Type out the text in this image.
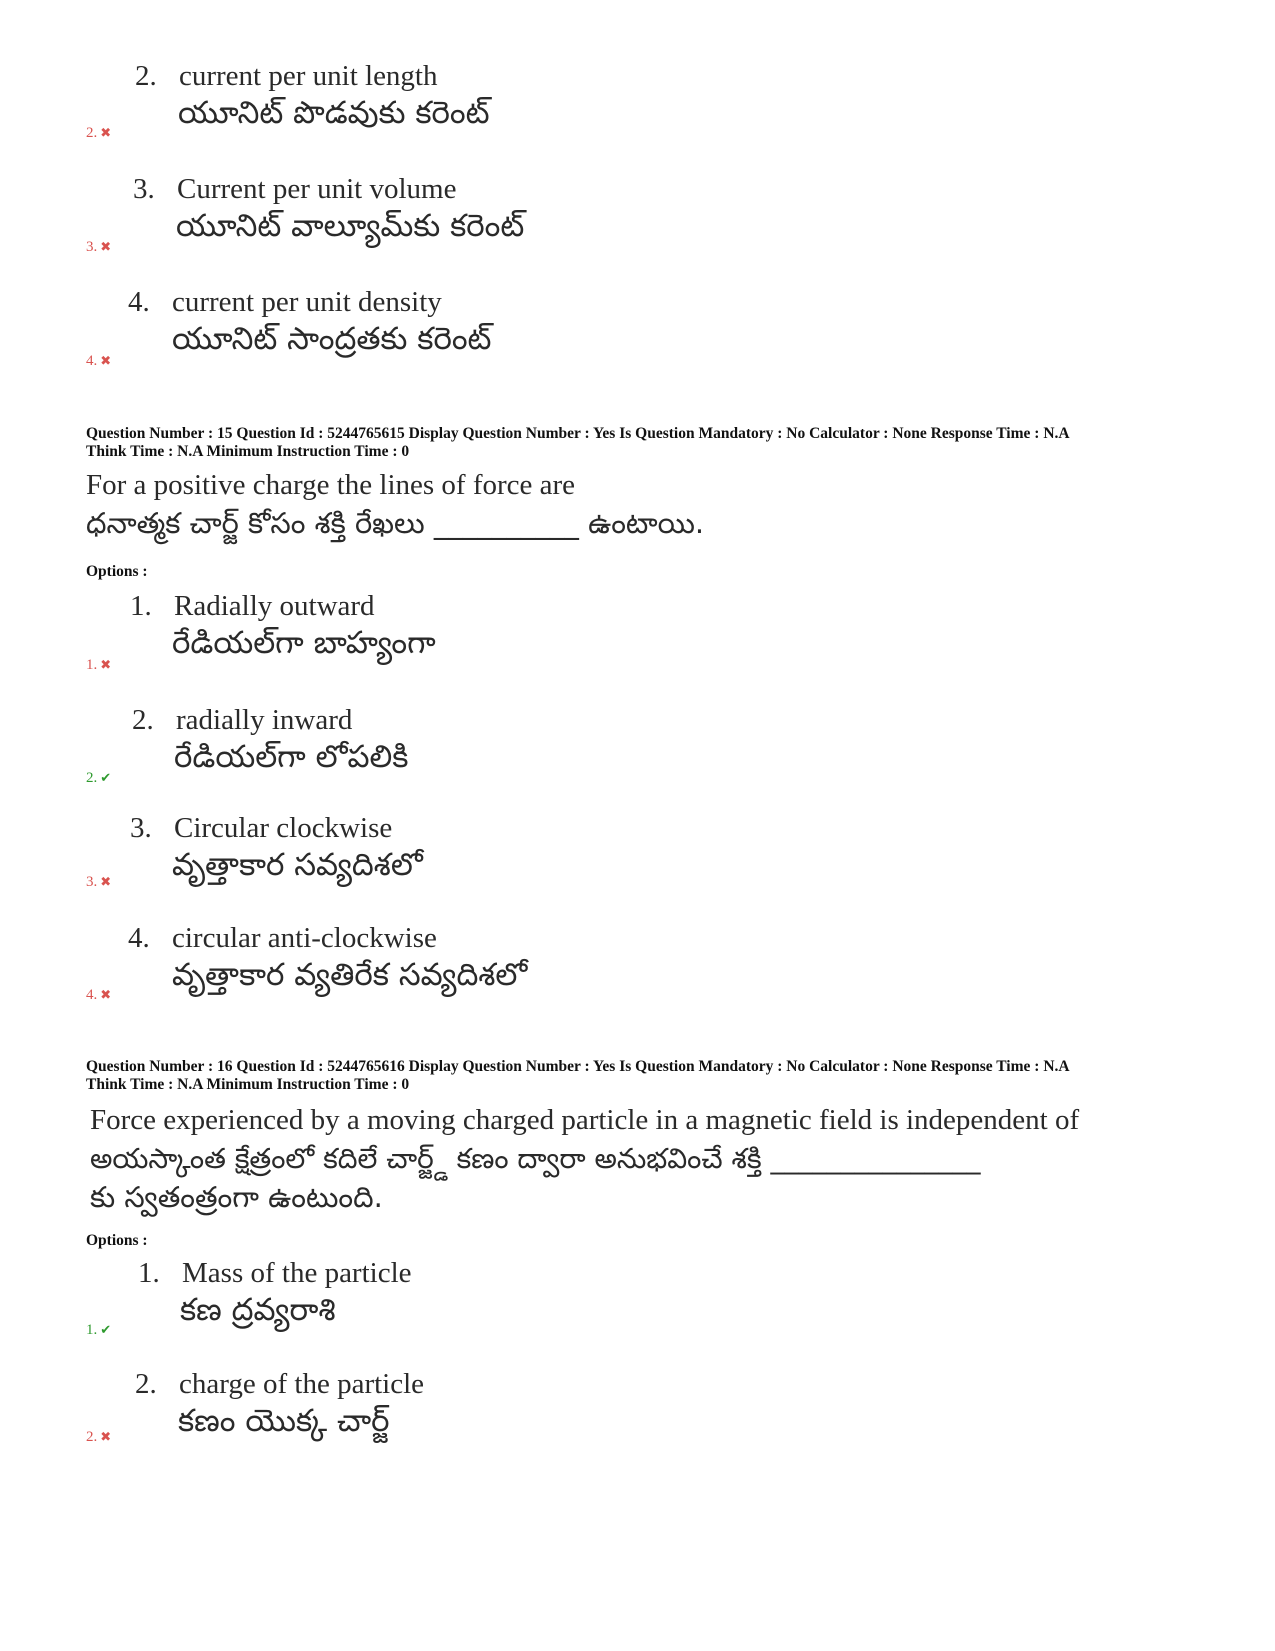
2. current per unit length
యూనిట్ పొడవుకు కరెంట్
2. ✖
3. Current per unit volume
యూనిట్ వాల్యూమ్‌కు కరెంట్
3. ✖
4. current per unit density
యూనిట్ సాంద్రతకు కరెంట్
4. ✖
Question Number : 15 Question Id : 5244765615 Display Question Number : Yes Is Question Mandatory : No Calculator : None Response Time : N.A
Think Time : N.A Minimum Instruction Time : 0
For a positive charge the lines of force are
ధనాత్మక చార్జ్ కోసం శక్తి రేఖలు __________ ఉంటాయి.
Options :
1. Radially outward
రేడియల్‌గా బాహ్యంగా
1. ✖
2. radially inward
రేడియల్‌గా లోపలికి
2. ✔
3. Circular clockwise
వృత్తాకార సవ్యదిశలో
3. ✖
4. circular anti-clockwise
వృత్తాకార వ్యతిరేక సవ్యదిశలో
4. ✖
Question Number : 16 Question Id : 5244765616 Display Question Number : Yes Is Question Mandatory : No Calculator : None Response Time : N.A
Think Time : N.A Minimum Instruction Time : 0
Force experienced by a moving charged particle in a magnetic field is independent of
అయస్కాంత క్షేత్రంలో కదిలే చార్జ్డ్ కణం ద్వారా అనుభవించే శక్తి _______________
కు స్వతంత్రంగా ఉంటుంది.
Options :
1. Mass of the particle
కణ ద్రవ్యరాశి
1. ✔
2. charge of the particle
కణం యొక్క చార్జ్
2. ✖
